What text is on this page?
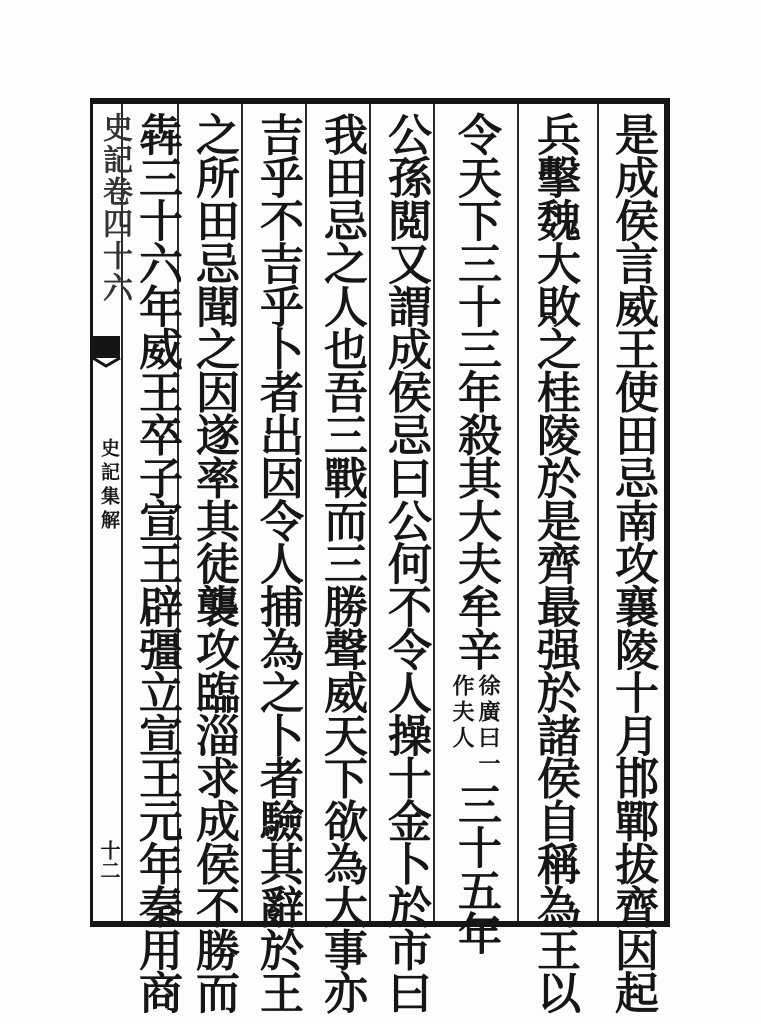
史記卷四十六
史記集解
十二	是成侯言威王使田忌南攻襄陵十月邯鄲拔齊因起
兵擊魏大敗之桂陵於是齊最强於諸侯自稱為王以
令天下三十三年殺其大夫牟辛
徐廣曰一
作夫人
三十五年
公孫閲又謂成侯忌曰公何不令人操十金卜於市曰
我田忌之人也吾三戰而三勝聲威天下欲為大事亦
吉乎不吉乎卜者出因令人捕為之卜者驗其辭於王
之所田忌聞之因遂率其徒襲攻臨淄求成侯不勝而
犇三十六年威王卒子宣王辟彊立宣王元年秦用商
